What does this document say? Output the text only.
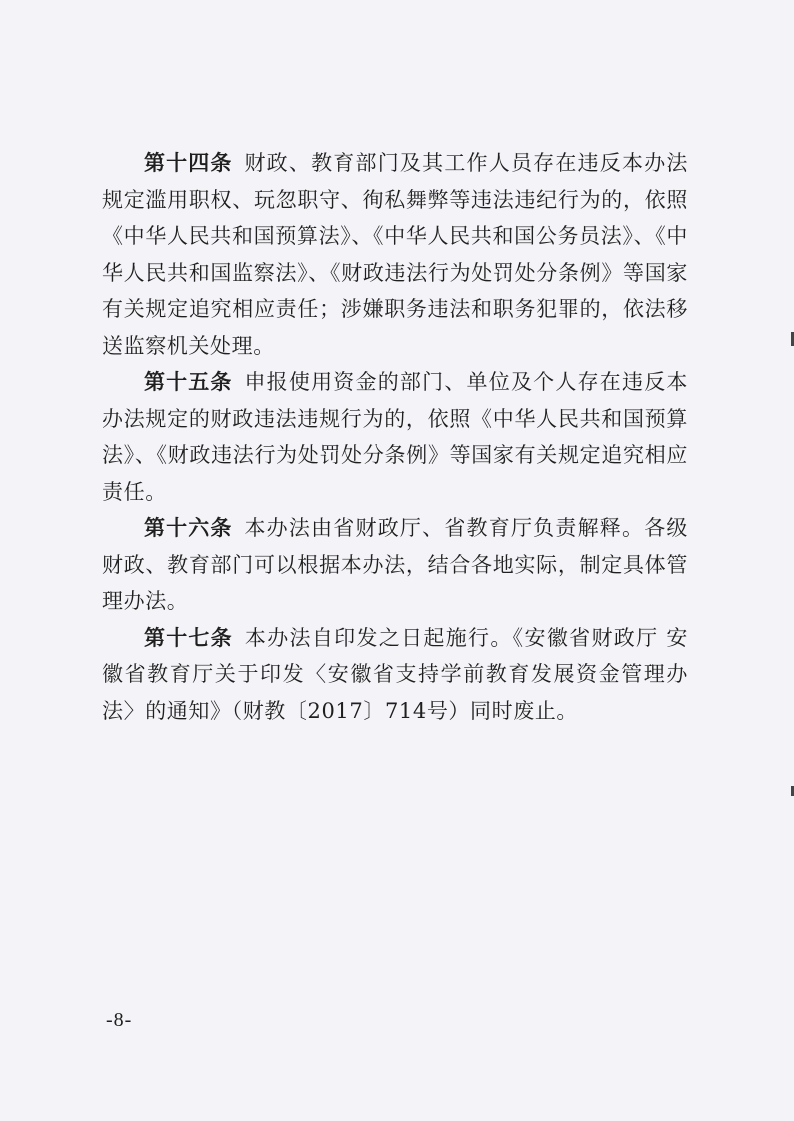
第十四条 财政、教育部门及其工作人员存在违反本办法规定滥用职权、玩忽职守、徇私舞弊等违法违纪行为的，依照《中华人民共和国预算法》、《中华人民共和国公务员法》、《中华人民共和国监察法》、《财政违法行为处罚处分条例》等国家有关规定追究相应责任；涉嫌职务违法和职务犯罪的，依法移送监察机关处理。

第十五条 申报使用资金的部门、单位及个人存在违反本办法规定的财政违法违规行为的，依照《中华人民共和国预算法》、《财政违法行为处罚处分条例》等国家有关规定追究相应责任。

第十六条 本办法由省财政厅、省教育厅负责解释。各级财政、教育部门可以根据本办法，结合各地实际，制定具体管理办法。

第十七条 本办法自印发之日起施行。《安徽省财政厅 安徽省教育厅关于印发〈安徽省支持学前教育发展资金管理办法〉的通知》（财教〔2017〕714号）同时废止。

-8-
